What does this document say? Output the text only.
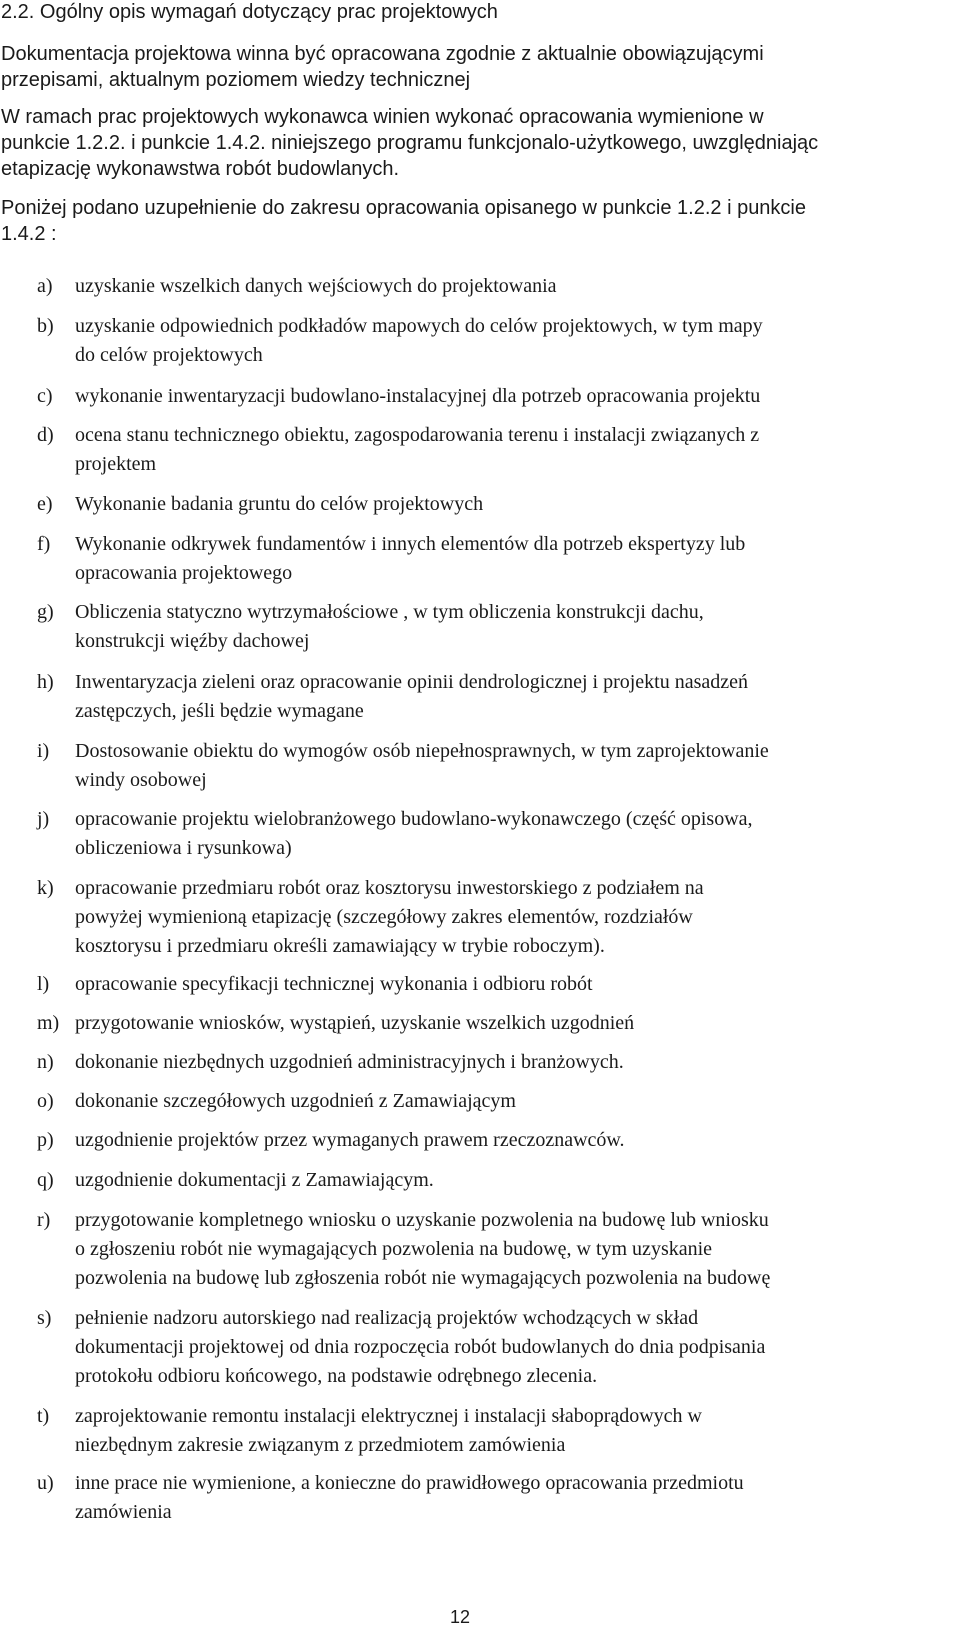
2.2. Ogólny opis wymagań dotyczący prac projektowych
Dokumentacja projektowa winna być opracowana zgodnie z aktualnie obowiązującymi
przepisami, aktualnym poziomem wiedzy technicznej
W ramach prac projektowych wykonawca winien wykonać opracowania wymienione w
punkcie 1.2.2. i punkcie 1.4.2. niniejszego programu funkcjonalo-użytkowego, uwzględniając
etapizację wykonawstwa robót budowlanych.
Poniżej podano uzupełnienie do zakresu opracowania opisanego w punkcie 1.2.2 i punkcie
1.4.2 :
a) uzyskanie wszelkich danych wejściowych do projektowania
b) uzyskanie odpowiednich podkładów mapowych do celów projektowych, w tym mapy
do celów projektowych
c) wykonanie inwentaryzacji budowlano-instalacyjnej dla potrzeb opracowania projektu
d) ocena stanu technicznego obiektu, zagospodarowania terenu i instalacji związanych z
projektem
e) Wykonanie badania gruntu do celów projektowych
f) Wykonanie odkrywek fundamentów i innych elementów dla potrzeb ekspertyzy lub
opracowania projektowego
g) Obliczenia statyczno wytrzymałościowe , w tym obliczenia konstrukcji dachu,
konstrukcji więźby dachowej
h) Inwentaryzacja zieleni oraz opracowanie opinii dendrologicznej i projektu nasadzeń
zastępczych, jeśli będzie wymagane
i) Dostosowanie obiektu do wymogów osób niepełnosprawnych, w tym zaprojektowanie
windy osobowej
j) opracowanie projektu wielobranżowego budowlano-wykonawczego (część opisowa,
obliczeniowa i rysunkowa)
k) opracowanie przedmiaru robót oraz kosztorysu inwestorskiego z podziałem na
powyżej wymienioną etapizację (szczegółowy zakres elementów, rozdziałów
kosztorysu i przedmiaru określi zamawiający w trybie roboczym).
l) opracowanie specyfikacji technicznej wykonania i odbioru robót
m) przygotowanie wniosków, wystąpień, uzyskanie wszelkich uzgodnień
n) dokonanie niezbędnych uzgodnień administracyjnych i branżowych.
o) dokonanie szczegółowych uzgodnień z Zamawiającym
p) uzgodnienie projektów przez wymaganych prawem rzeczoznawców.
q) uzgodnienie dokumentacji z Zamawiającym.
r) przygotowanie kompletnego wniosku o uzyskanie pozwolenia na budowę lub wniosku
o zgłoszeniu robót nie wymagających pozwolenia na budowę, w tym uzyskanie
pozwolenia na budowę lub zgłoszenia robót nie wymagających pozwolenia na budowę
s) pełnienie nadzoru autorskiego nad realizacją projektów wchodzących w skład
dokumentacji projektowej od dnia rozpoczęcia robót budowlanych do dnia podpisania
protokołu odbioru końcowego, na podstawie odrębnego zlecenia.
t) zaprojektowanie remontu instalacji elektrycznej i instalacji słaboprądowych w
niezbędnym zakresie związanym z przedmiotem zamówienia
u) inne prace nie wymienione, a konieczne do prawidłowego opracowania przedmiotu
zamówienia
12
